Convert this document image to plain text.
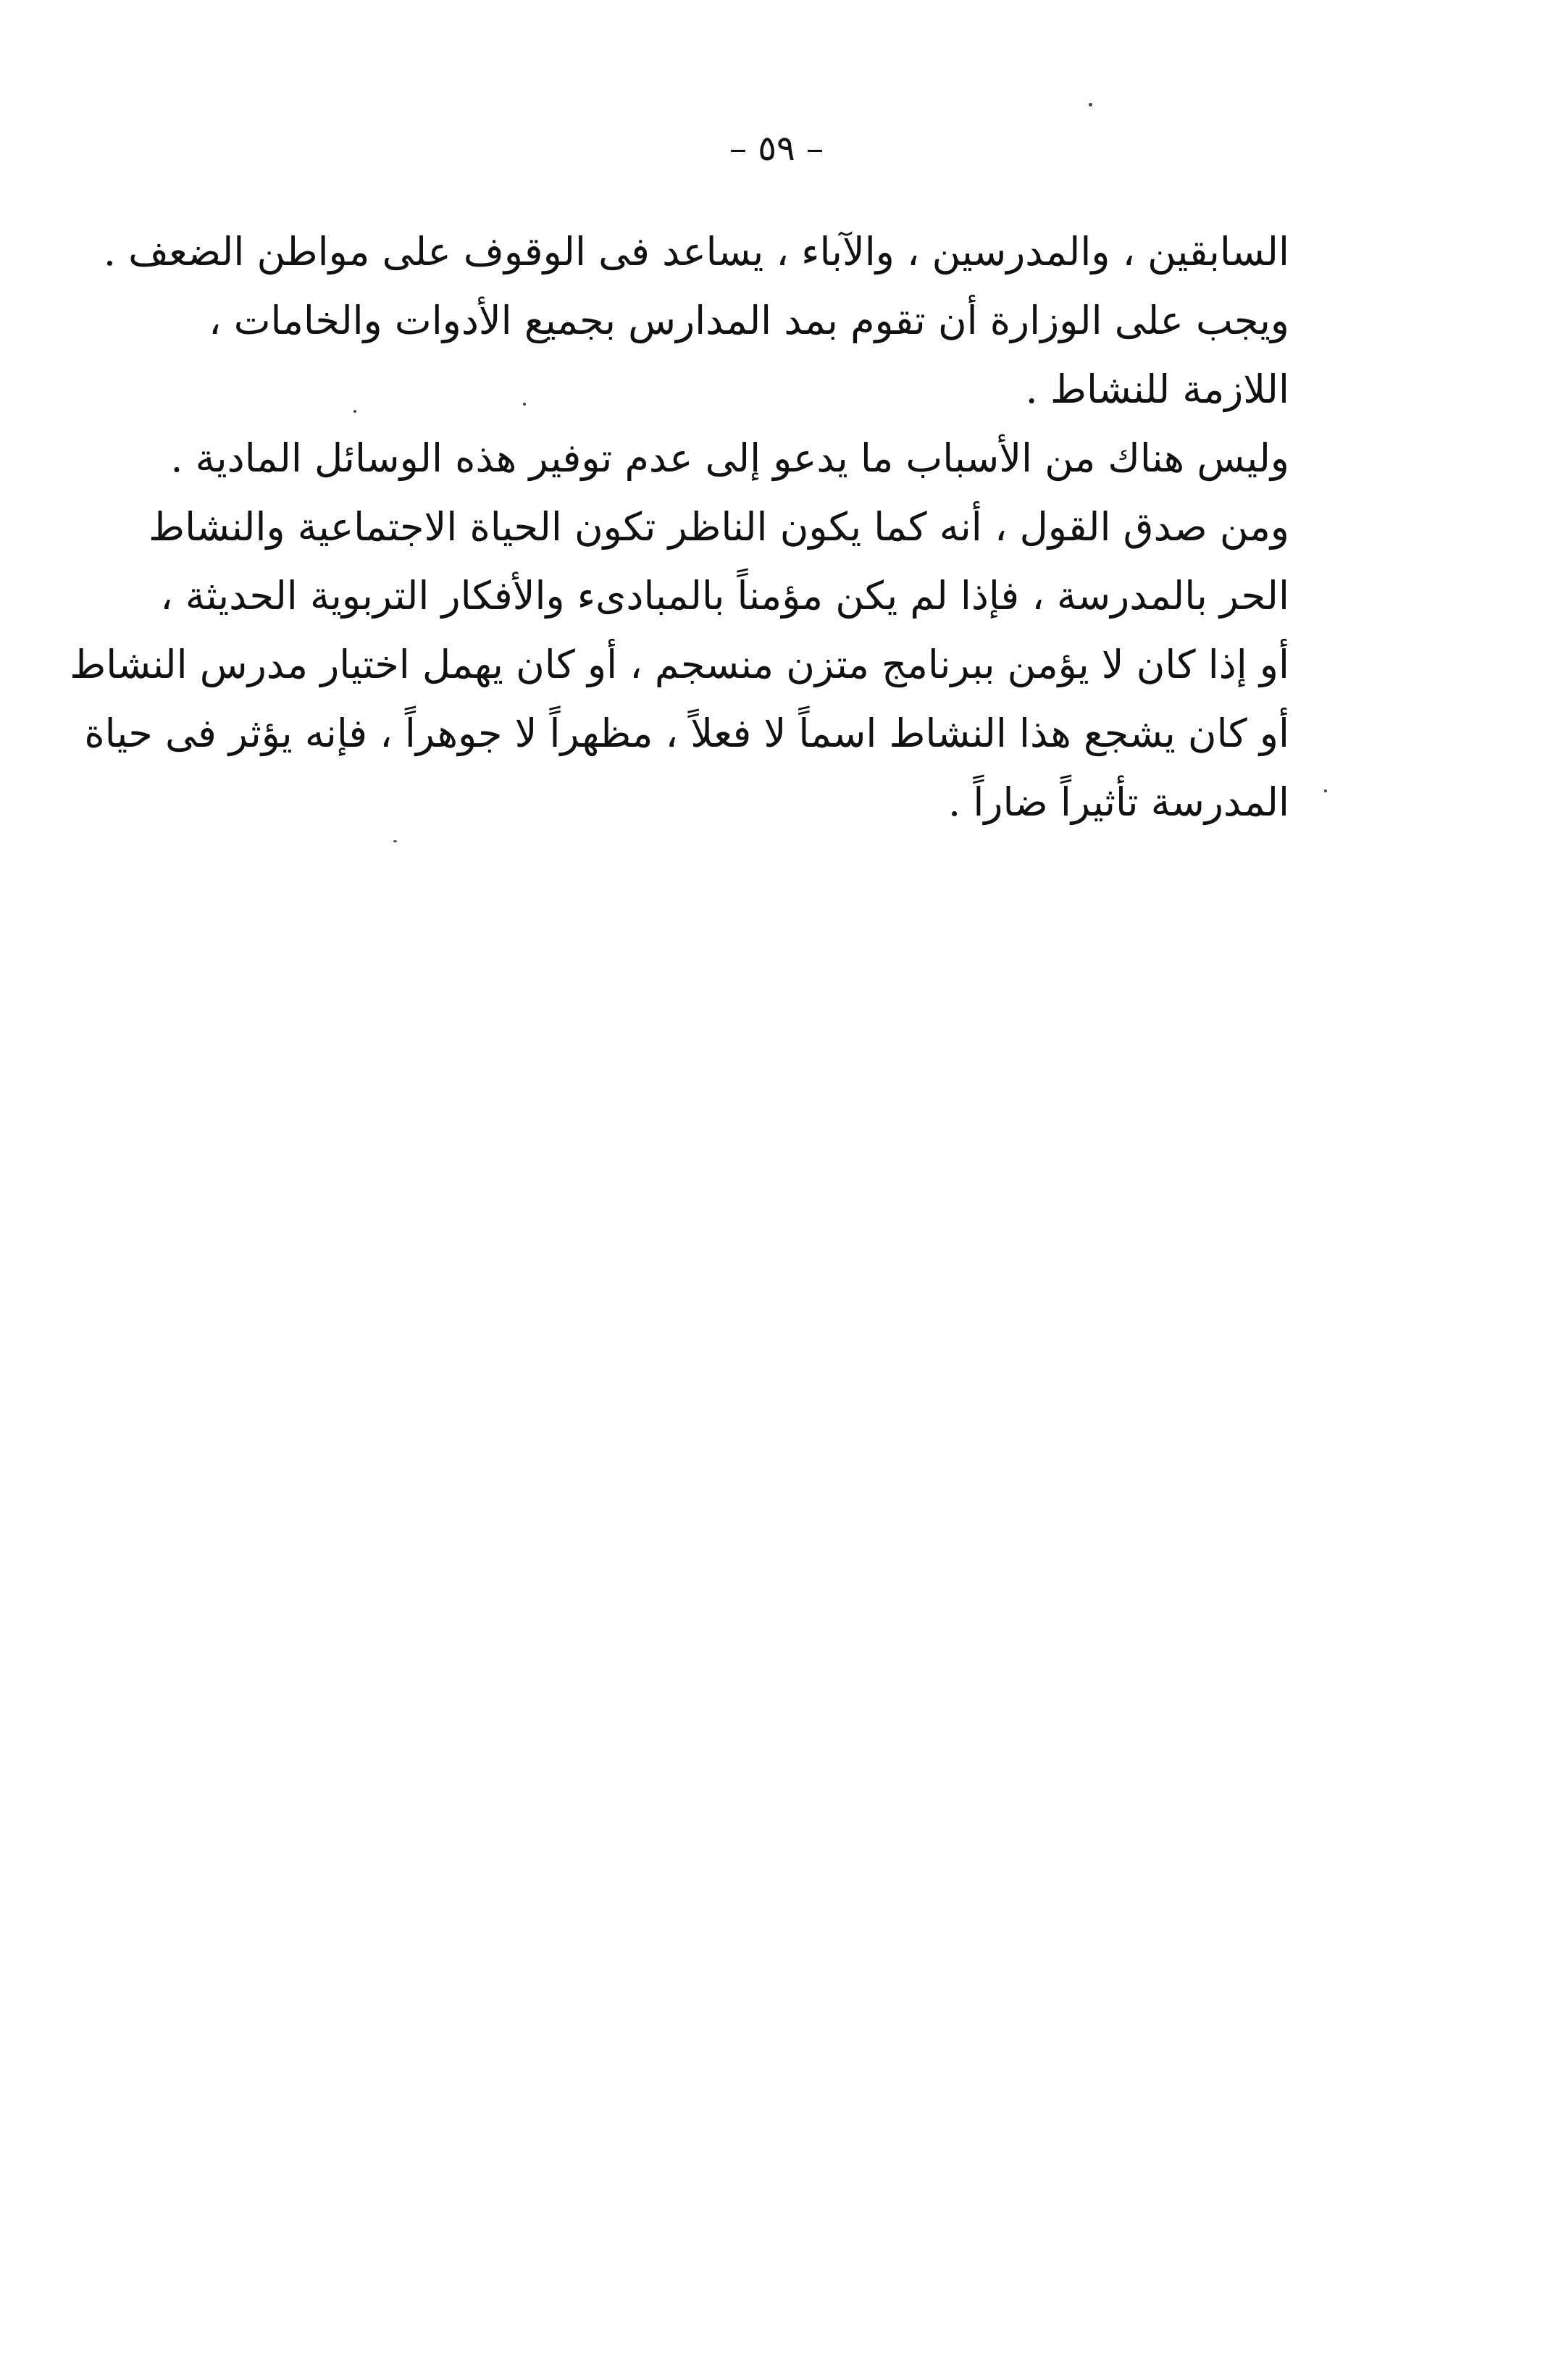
– ٥٩ –
السابقين ، والمدرسين ، والآباء ، يساعد فى الوقوف على مواطن الضعف .
ويجب على الوزارة أن تقوم بمد المدارس بجميع الأدوات والخامات ،
اللازمة للنشاط .
وليس هناك من الأسباب ما يدعو إلى عدم توفير هذه الوسائل المادية .
ومن صدق القول ، أنه كما يكون الناظر تكون الحياة الاجتماعية والنشاط
الحر بالمدرسة ، فإذا لم يكن مؤمناً بالمبادىء والأفكار التربوية الحديثة ،
أو إذا كان لا يؤمن ببرنامج متزن منسجم ، أو كان يهمل اختيار مدرس النشاط
أو كان يشجع هذا النشاط اسماً لا فعلاً ، مظهراً لا جوهراً ، فإنه يؤثر فى حياة
المدرسة تأثيراً ضاراً .
